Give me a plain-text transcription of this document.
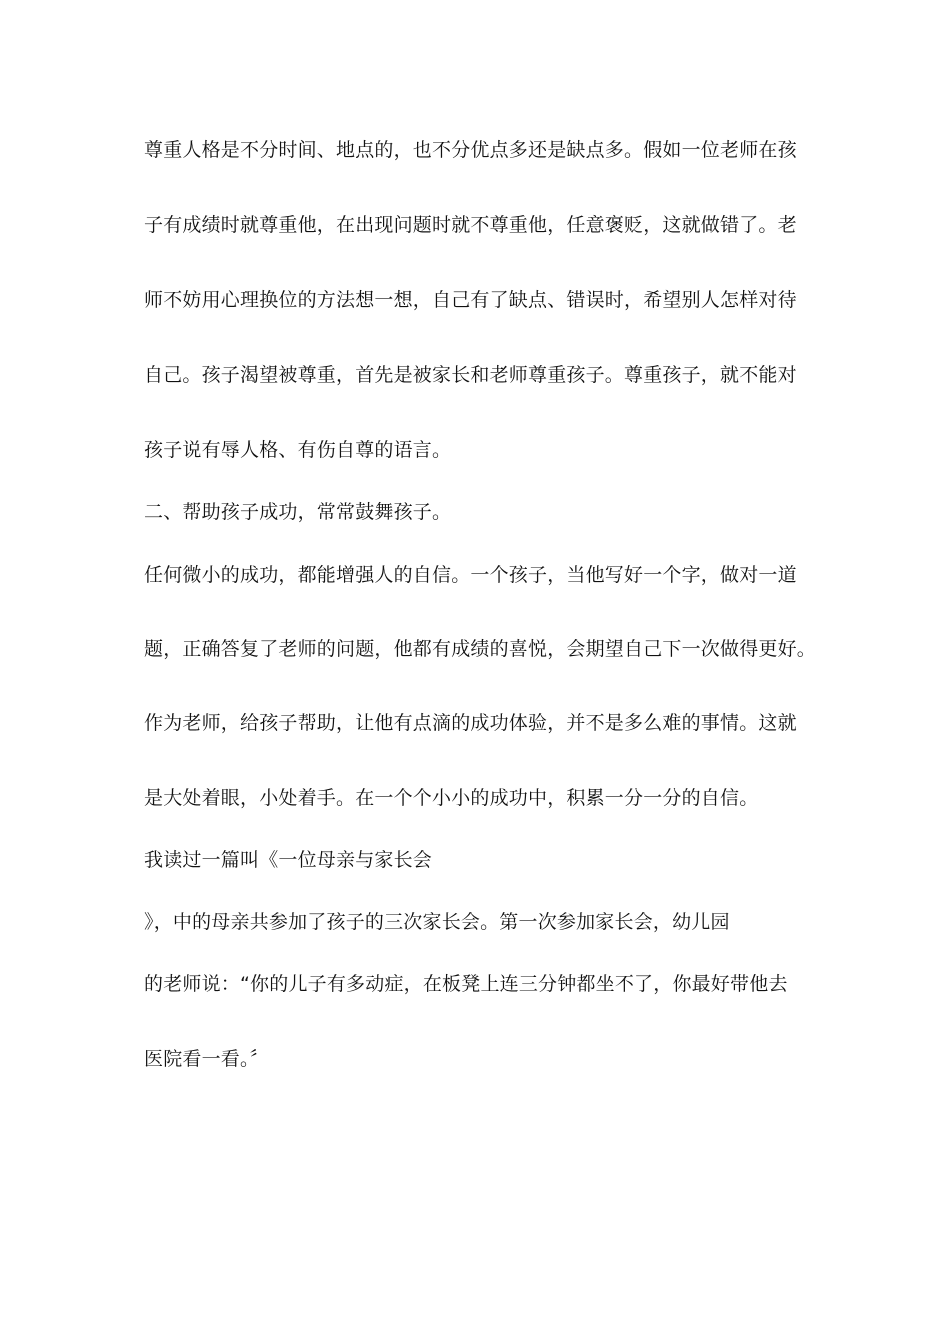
尊重人格是不分时间、地点的，也不分优点多还是缺点多。假如一位老师在孩
子有成绩时就尊重他，在出现问题时就不尊重他，任意褒贬，这就做错了。老
师不妨用心理换位的方法想一想，自己有了缺点、错误时，希望别人怎样对待
自己。孩子渴望被尊重，首先是被家长和老师尊重孩子。尊重孩子，就不能对
孩子说有辱人格、有伤自尊的语言。
二、帮助孩子成功，常常鼓舞孩子。
任何微小的成功，都能增强人的自信。一个孩子，当他写好一个字，做对一道
题，正确答复了老师的问题，他都有成绩的喜悦，会期望自己下一次做得更好。
作为老师，给孩子帮助，让他有点滴的成功体验，并不是多么难的事情。这就
是大处着眼，小处着手。在一个个小小的成功中，积累一分一分的自信。
我读过一篇叫《一位母亲与家长会
》，中的母亲共参加了孩子的三次家长会。第一次参加家长会，幼儿园
的老师说：“你的儿子有多动症，在板凳上连三分钟都坐不了，你最好带他去
医院看一看。〞
